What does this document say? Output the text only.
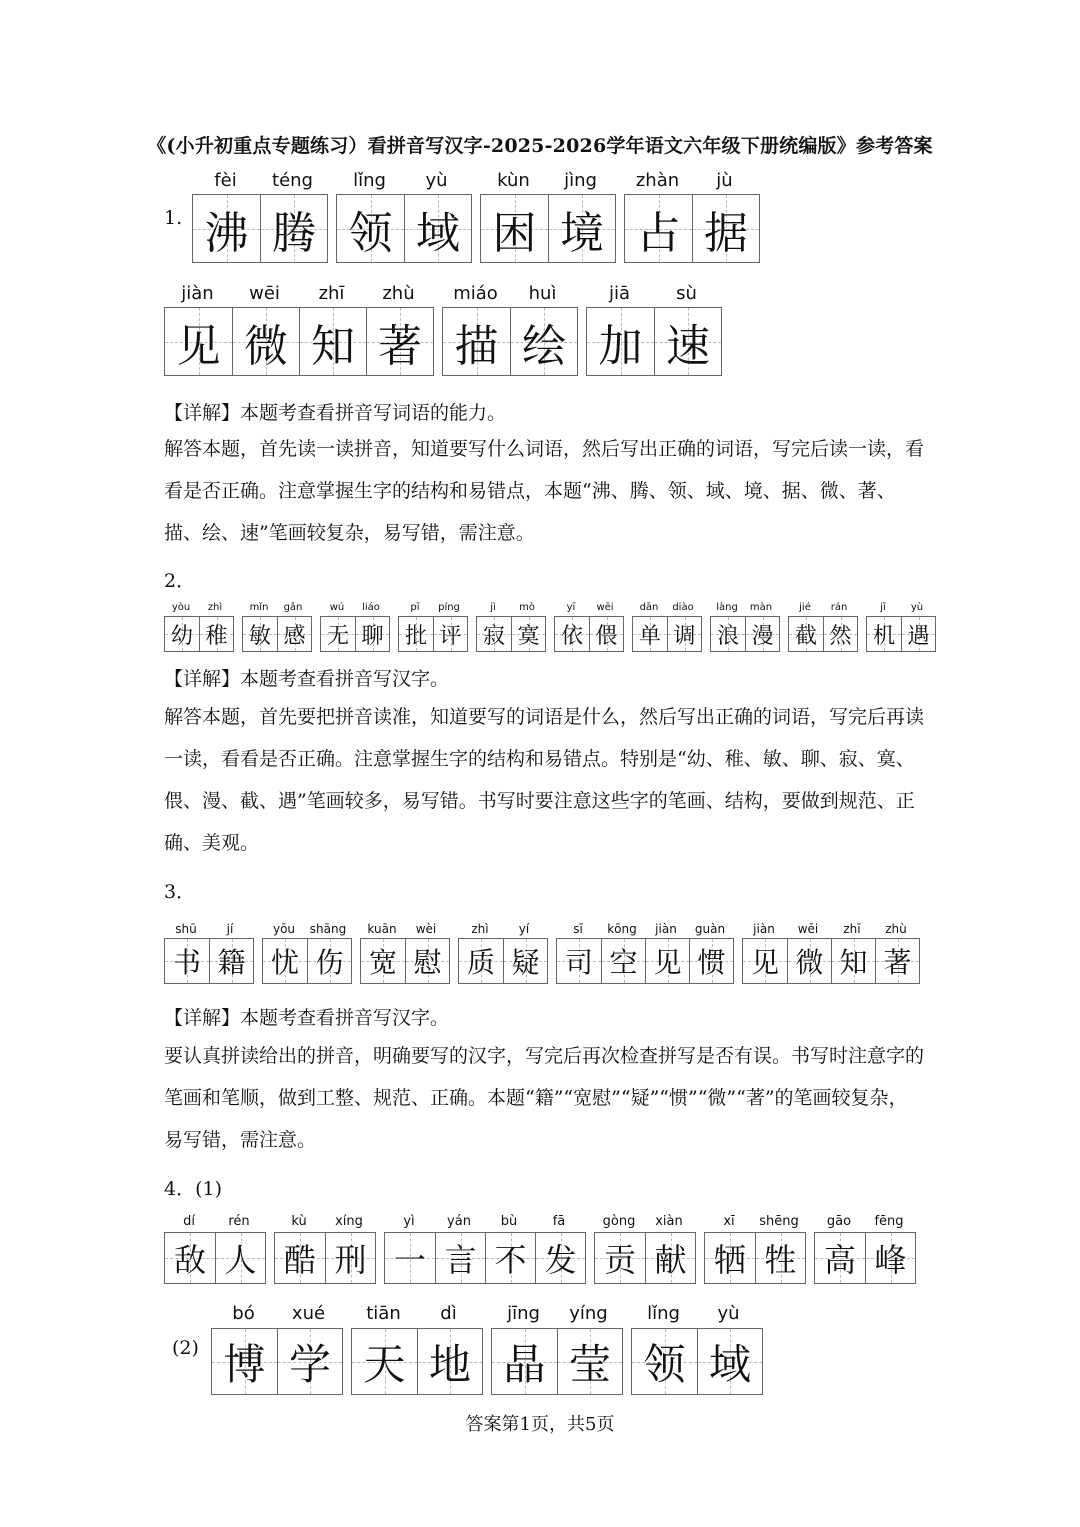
《(小升初重点专题练习）看拼音写汉字-2025-2026学年语文六年级下册统编版》参考答案
1.
fèi	téng
沸 腾
lǐng	yù
领 域
kùn	jìng
困 境
zhàn	jù
占 据
jiàn	wēi	zhī	zhù
见 微 知 著
miáo	huì
描 绘
jiā	sù
加 速
【详解】本题考查看拼音写词语的能力。

解答本题，首先读一读拼音，知道要写什么词语，然后写出正确的词语，写完后读一读，看看是否正确。注意掌握生字的结构和易错点，本题“沸、腾、领、域、境、据、微、著、描、绘、速”笔画较复杂，易写错，需注意。

2．
yòu	zhì
幼 稚
mǐn	gǎn
敏 感
wú	liáo
无 聊
pī	píng
批 评
jì	mò
寂 寞
yī	wēi
依 偎
dān	diào
单 调
làng	màn
浪 漫
jié	rán
截 然
jī	yù
机 遇
【详解】本题考查看拼音写汉字。

解答本题，首先要把拼音读准，知道要写的词语是什么，然后写出正确的词语，写完后再读一读，看看是否正确。注意掌握生字的结构和易错点。特别是“幼、稚、敏、聊、寂、寞、偎、漫、截、遇”笔画较多，易写错。书写时要注意这些字的笔画、结构，要做到规范、正确、美观。

3．
shū	jí
书 籍
yōu	shāng
忧 伤
kuān	wèi
宽 慰
zhì	yí
质 疑
sī	kōng	jiàn	guàn
司 空 见 惯
jiàn	wēi	zhī	zhù
见 微 知 著
【详解】本题考查看拼音写汉字。

要认真拼读给出的拼音，明确要写的汉字，写完后再次检查拼写是否有误。书写时注意字的笔画和笔顺，做到工整、规范、正确。本题“籍”“宽慰”“疑”“惯”“微”“著”的笔画较复杂，易写错，需注意。

4．(1)
dí	rén
敌 人
kù	xíng
酷 刑
yì	yán	bù	fā
一 言 不 发
gòng	xiàn
贡 献
xī	shēng
牺 牲
gāo	fēng
高 峰
(2)
bó	xué
博 学
tiān	dì
天 地
jīng	yíng
晶 莹
lǐng	yù
领 域
答案第1页，共5页
